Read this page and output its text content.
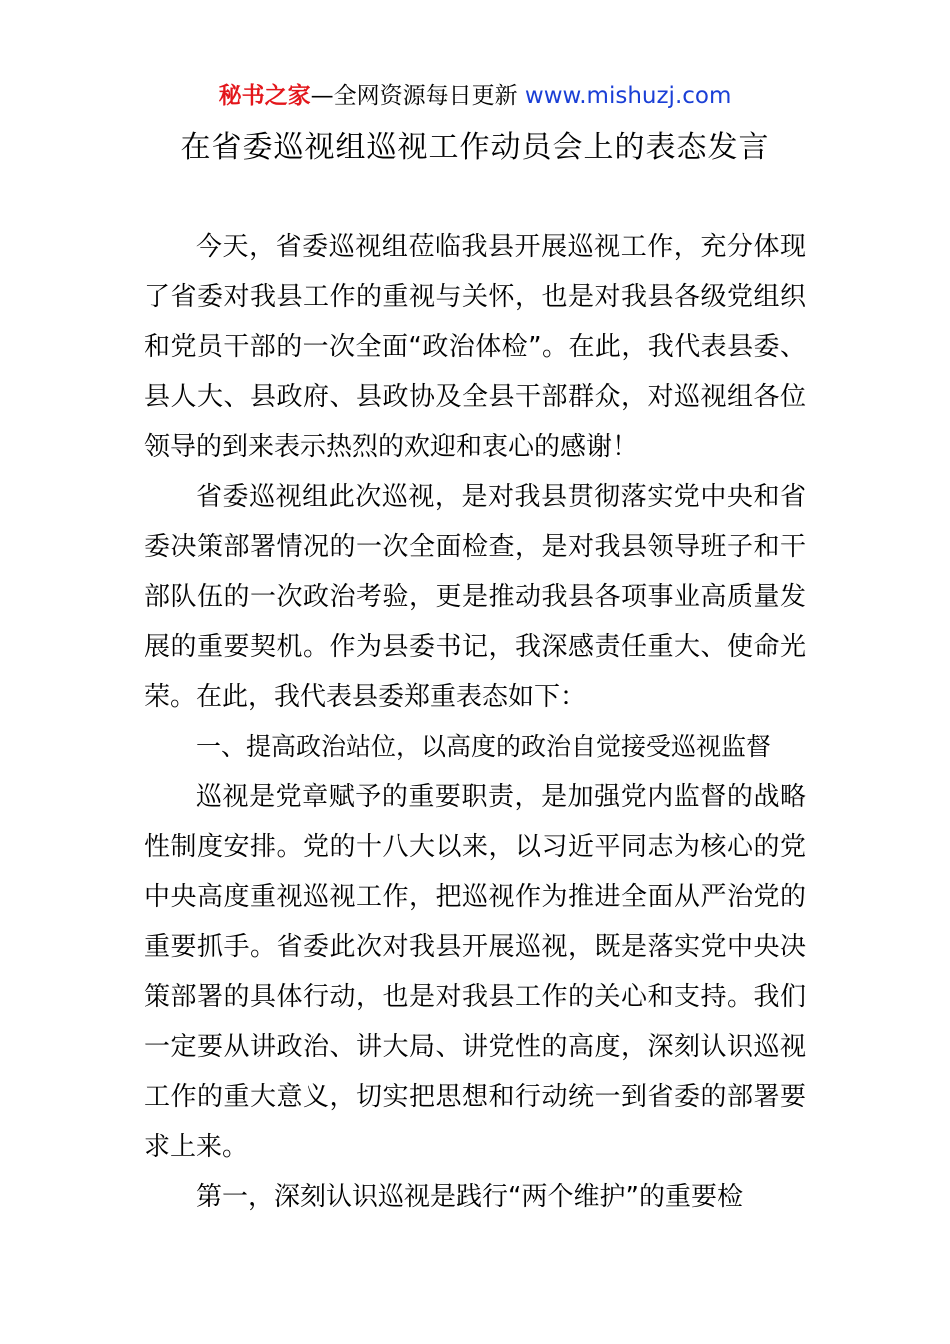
秘书之家—全网资源每日更新 www.mishuzj.com
在省委巡视组巡视工作动员会上的表态发言

今天，省委巡视组莅临我县开展巡视工作，充分体现了省委对我县工作的重视与关怀，也是对我县各级党组织和党员干部的一次全面“政治体检”。在此，我代表县委、县人大、县政府、县政协及全县干部群众，对巡视组各位领导的到来表示热烈的欢迎和衷心的感谢！

省委巡视组此次巡视，是对我县贯彻落实党中央和省委决策部署情况的一次全面检查，是对我县领导班子和干部队伍的一次政治考验，更是推动我县各项事业高质量发展的重要契机。作为县委书记，我深感责任重大、使命光荣。在此，我代表县委郑重表态如下：

一、提高政治站位，以高度的政治自觉接受巡视监督

巡视是党章赋予的重要职责，是加强党内监督的战略性制度安排。党的十八大以来，以习近平同志为核心的党中央高度重视巡视工作，把巡视作为推进全面从严治党的重要抓手。省委此次对我县开展巡视，既是落实党中央决策部署的具体行动，也是对我县工作的关心和支持。我们一定要从讲政治、讲大局、讲党性的高度，深刻认识巡视工作的重大意义，切实把思想和行动统一到省委的部署要求上来。

第一，深刻认识巡视是践行“两个维护”的重要检
